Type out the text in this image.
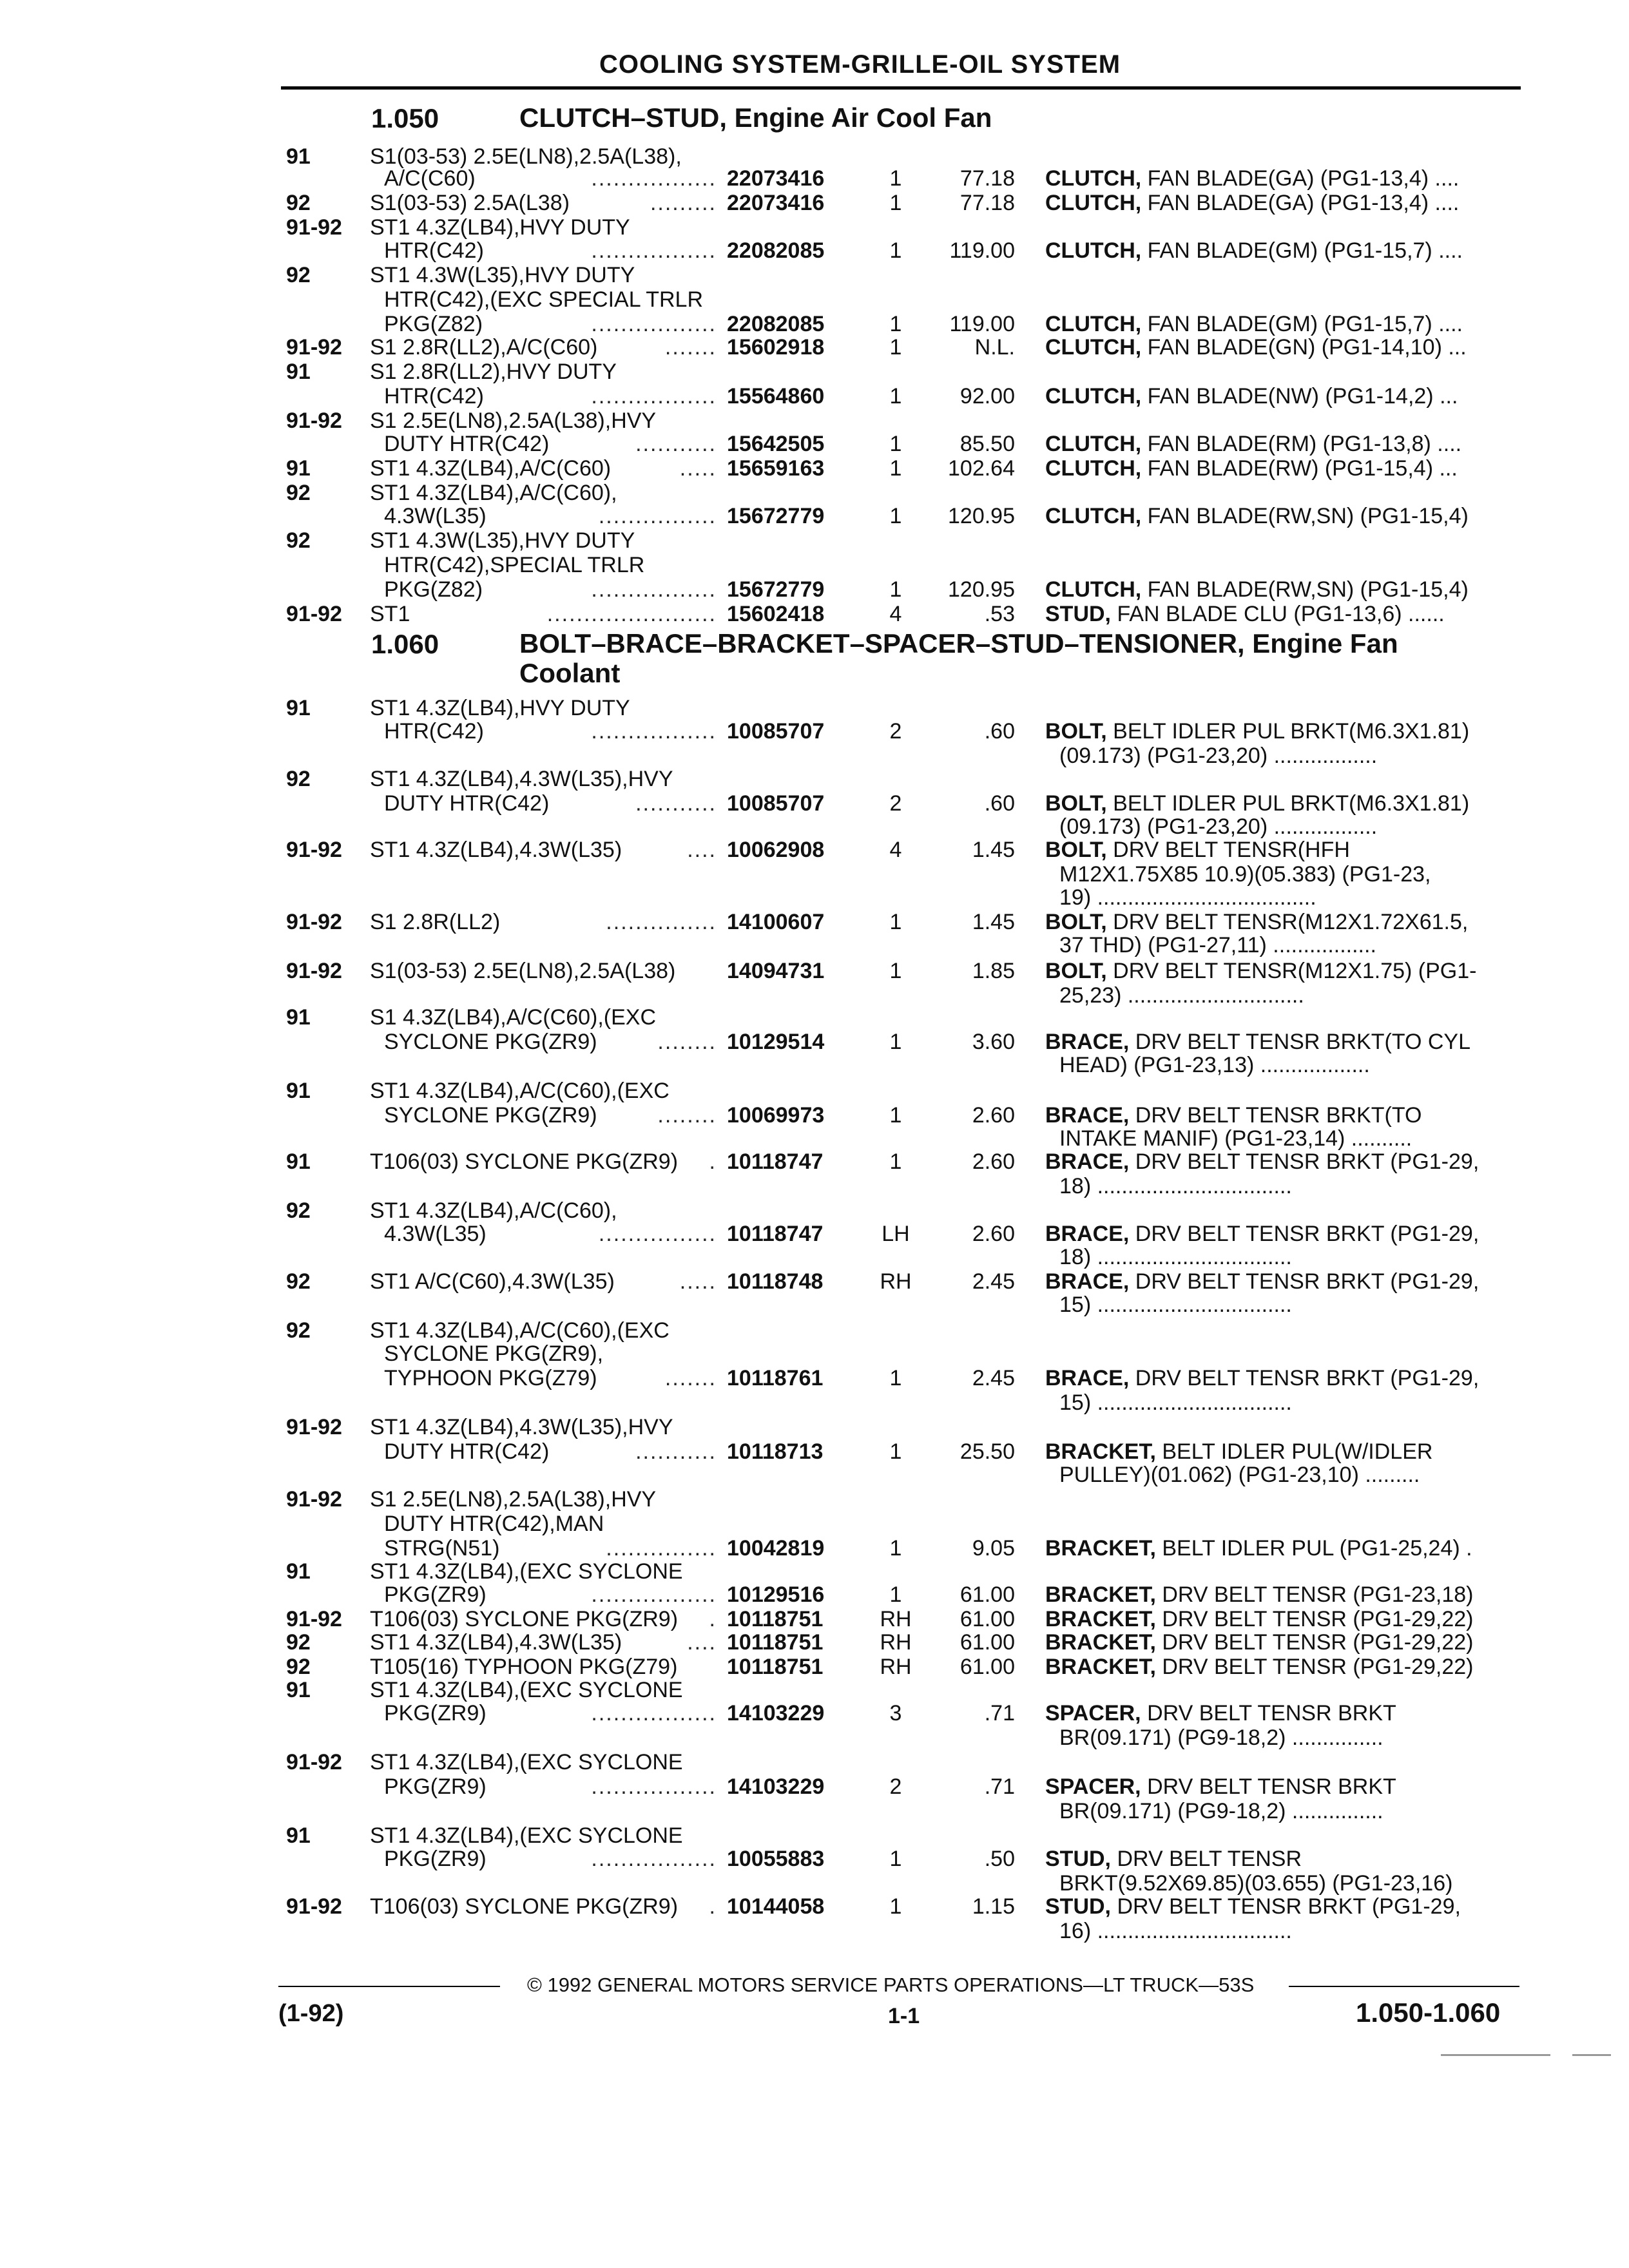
COOLING SYSTEM-GRILLE-OIL SYSTEM
1.050	CLUTCH–STUD, Engine Air Cool Fan
1.060	BOLT–BRACE–BRACKET–SPACER–STUD–TENSIONER, Engine Fan Coolant
91	S1(03-53) 2.5E(LN8),2.5A(L38),
A/C(C60)	................. 22073416	1	77.18 CLUTCH, FAN BLADE(GA) (PG1-13,4) ....
92	S1(03-53) 2.5A(L38)	......... 22073416	1	77.18 CLUTCH, FAN BLADE(GA) (PG1-13,4) ....
91-92 ST1 4.3Z(LB4),HVY DUTY
HTR(C42)	................. 22082085	1	119.00 CLUTCH, FAN BLADE(GM) (PG1-15,7) ....
92	ST1 4.3W(L35),HVY DUTY
HTR(C42),(EXC SPECIAL TRLR
PKG(Z82)	................. 22082085	1	119.00 CLUTCH, FAN BLADE(GM) (PG1-15,7) ....
91-92 S1 2.8R(LL2),A/C(C60)	....... 15602918	1	N.L. CLUTCH, FAN BLADE(GN) (PG1-14,10) ...
91	S1 2.8R(LL2),HVY DUTY
HTR(C42)	................. 15564860	1	92.00 CLUTCH, FAN BLADE(NW) (PG1-14,2) ...
91-92 S1 2.5E(LN8),2.5A(L38),HVY
DUTY HTR(C42)	........... 15642505	1	85.50 CLUTCH, FAN BLADE(RM) (PG1-13,8) ....
91	ST1 4.3Z(LB4),A/C(C60)	..... 15659163	1	102.64 CLUTCH, FAN BLADE(RW) (PG1-15,4) ...
92	ST1 4.3Z(LB4),A/C(C60),
4.3W(L35)	................ 15672779	1	120.95 CLUTCH, FAN BLADE(RW,SN) (PG1-15,4)
92	ST1 4.3W(L35),HVY DUTY
HTR(C42),SPECIAL TRLR
PKG(Z82)	................. 15672779	1	120.95 CLUTCH, FAN BLADE(RW,SN) (PG1-15,4)
91-92 ST1	....................... 15602418	4	.53 STUD, FAN BLADE CLU (PG1-13,6) ......
91	ST1 4.3Z(LB4),HVY DUTY
HTR(C42)	................. 10085707	2	.60 BOLT, BELT IDLER PUL BRKT(M6.3X1.81)
(09.173) (PG1-23,20) .................
92	ST1 4.3Z(LB4),4.3W(L35),HVY
DUTY HTR(C42)	........... 10085707	2	.60 BOLT, BELT IDLER PUL BRKT(M6.3X1.81)
(09.173) (PG1-23,20) .................
91-92 ST1 4.3Z(LB4),4.3W(L35)	.... 10062908	4	1.45 BOLT, DRV BELT TENSR(HFH
M12X1.75X85 10.9)(05.383) (PG1-23,
19) ....................................
91-92 S1 2.8R(LL2)	............... 14100607	1	1.45 BOLT, DRV BELT TENSR(M12X1.72X61.5,
37 THD) (PG1-27,11) .................
91-92 S1(03-53) 2.5E(LN8),2.5A(L38) 14094731	1	1.85 BOLT, DRV BELT TENSR(M12X1.75) (PG1-
25,23) .............................
91	S1 4.3Z(LB4),A/C(C60),(EXC
SYCLONE PKG(ZR9)	........ 10129514	1	3.60 BRACE, DRV BELT TENSR BRKT(TO CYL
HEAD) (PG1-23,13) ..................
91	ST1 4.3Z(LB4),A/C(C60),(EXC
SYCLONE PKG(ZR9)	........ 10069973	1	2.60 BRACE, DRV BELT TENSR BRKT(TO
INTAKE MANIF) (PG1-23,14) ..........
91	T106(03) SYCLONE PKG(ZR9) . 10118747	1	2.60 BRACE, DRV BELT TENSR BRKT (PG1-29,
18) ................................
92	ST1 4.3Z(LB4),A/C(C60),
4.3W(L35)	................ 10118747	LH	2.60 BRACE, DRV BELT TENSR BRKT (PG1-29,
18) ................................
92	ST1 A/C(C60),4.3W(L35)	..... 10118748	RH	2.45 BRACE, DRV BELT TENSR BRKT (PG1-29,
15) ................................
92	ST1 4.3Z(LB4),A/C(C60),(EXC
SYCLONE PKG(ZR9),
TYPHOON PKG(Z79)	....... 10118761	1	2.45 BRACE, DRV BELT TENSR BRKT (PG1-29,
15) ................................
91-92 ST1 4.3Z(LB4),4.3W(L35),HVY
DUTY HTR(C42)	........... 10118713	1	25.50 BRACKET, BELT IDLER PUL(W/IDLER
PULLEY)(01.062) (PG1-23,10) .........
91-92 S1 2.5E(LN8),2.5A(L38),HVY
DUTY HTR(C42),MAN
STRG(N51)	............... 10042819	1	9.05 BRACKET, BELT IDLER PUL (PG1-25,24) .
91	ST1 4.3Z(LB4),(EXC SYCLONE
PKG(ZR9)	................. 10129516	1	61.00 BRACKET, DRV BELT TENSR (PG1-23,18)
91-92 T106(03) SYCLONE PKG(ZR9) . 10118751	RH	61.00 BRACKET, DRV BELT TENSR (PG1-29,22)
92	ST1 4.3Z(LB4),4.3W(L35)	.... 10118751	RH	61.00 BRACKET, DRV BELT TENSR (PG1-29,22)
92	T105(16) TYPHOON PKG(Z79) 10118751	RH	61.00 BRACKET, DRV BELT TENSR (PG1-29,22)
91	ST1 4.3Z(LB4),(EXC SYCLONE
PKG(ZR9)	................. 14103229	3	.71 SPACER, DRV BELT TENSR BRKT
BR(09.171) (PG9-18,2) ...............
91-92 ST1 4.3Z(LB4),(EXC SYCLONE
PKG(ZR9)	................. 14103229	2	.71 SPACER, DRV BELT TENSR BRKT
BR(09.171) (PG9-18,2) ...............
91	ST1 4.3Z(LB4),(EXC SYCLONE
PKG(ZR9)	................. 10055883	1	.50 STUD, DRV BELT TENSR
BRKT(9.52X69.85)(03.655) (PG1-23,16)
91-92 T106(03) SYCLONE PKG(ZR9) . 10144058	1	1.15 STUD, DRV BELT TENSR BRKT (PG1-29,
16) ................................
© 1992 GENERAL MOTORS SERVICE PARTS OPERATIONS—LT TRUCK—53S
(1-92)	1-1	1.050-1.060
